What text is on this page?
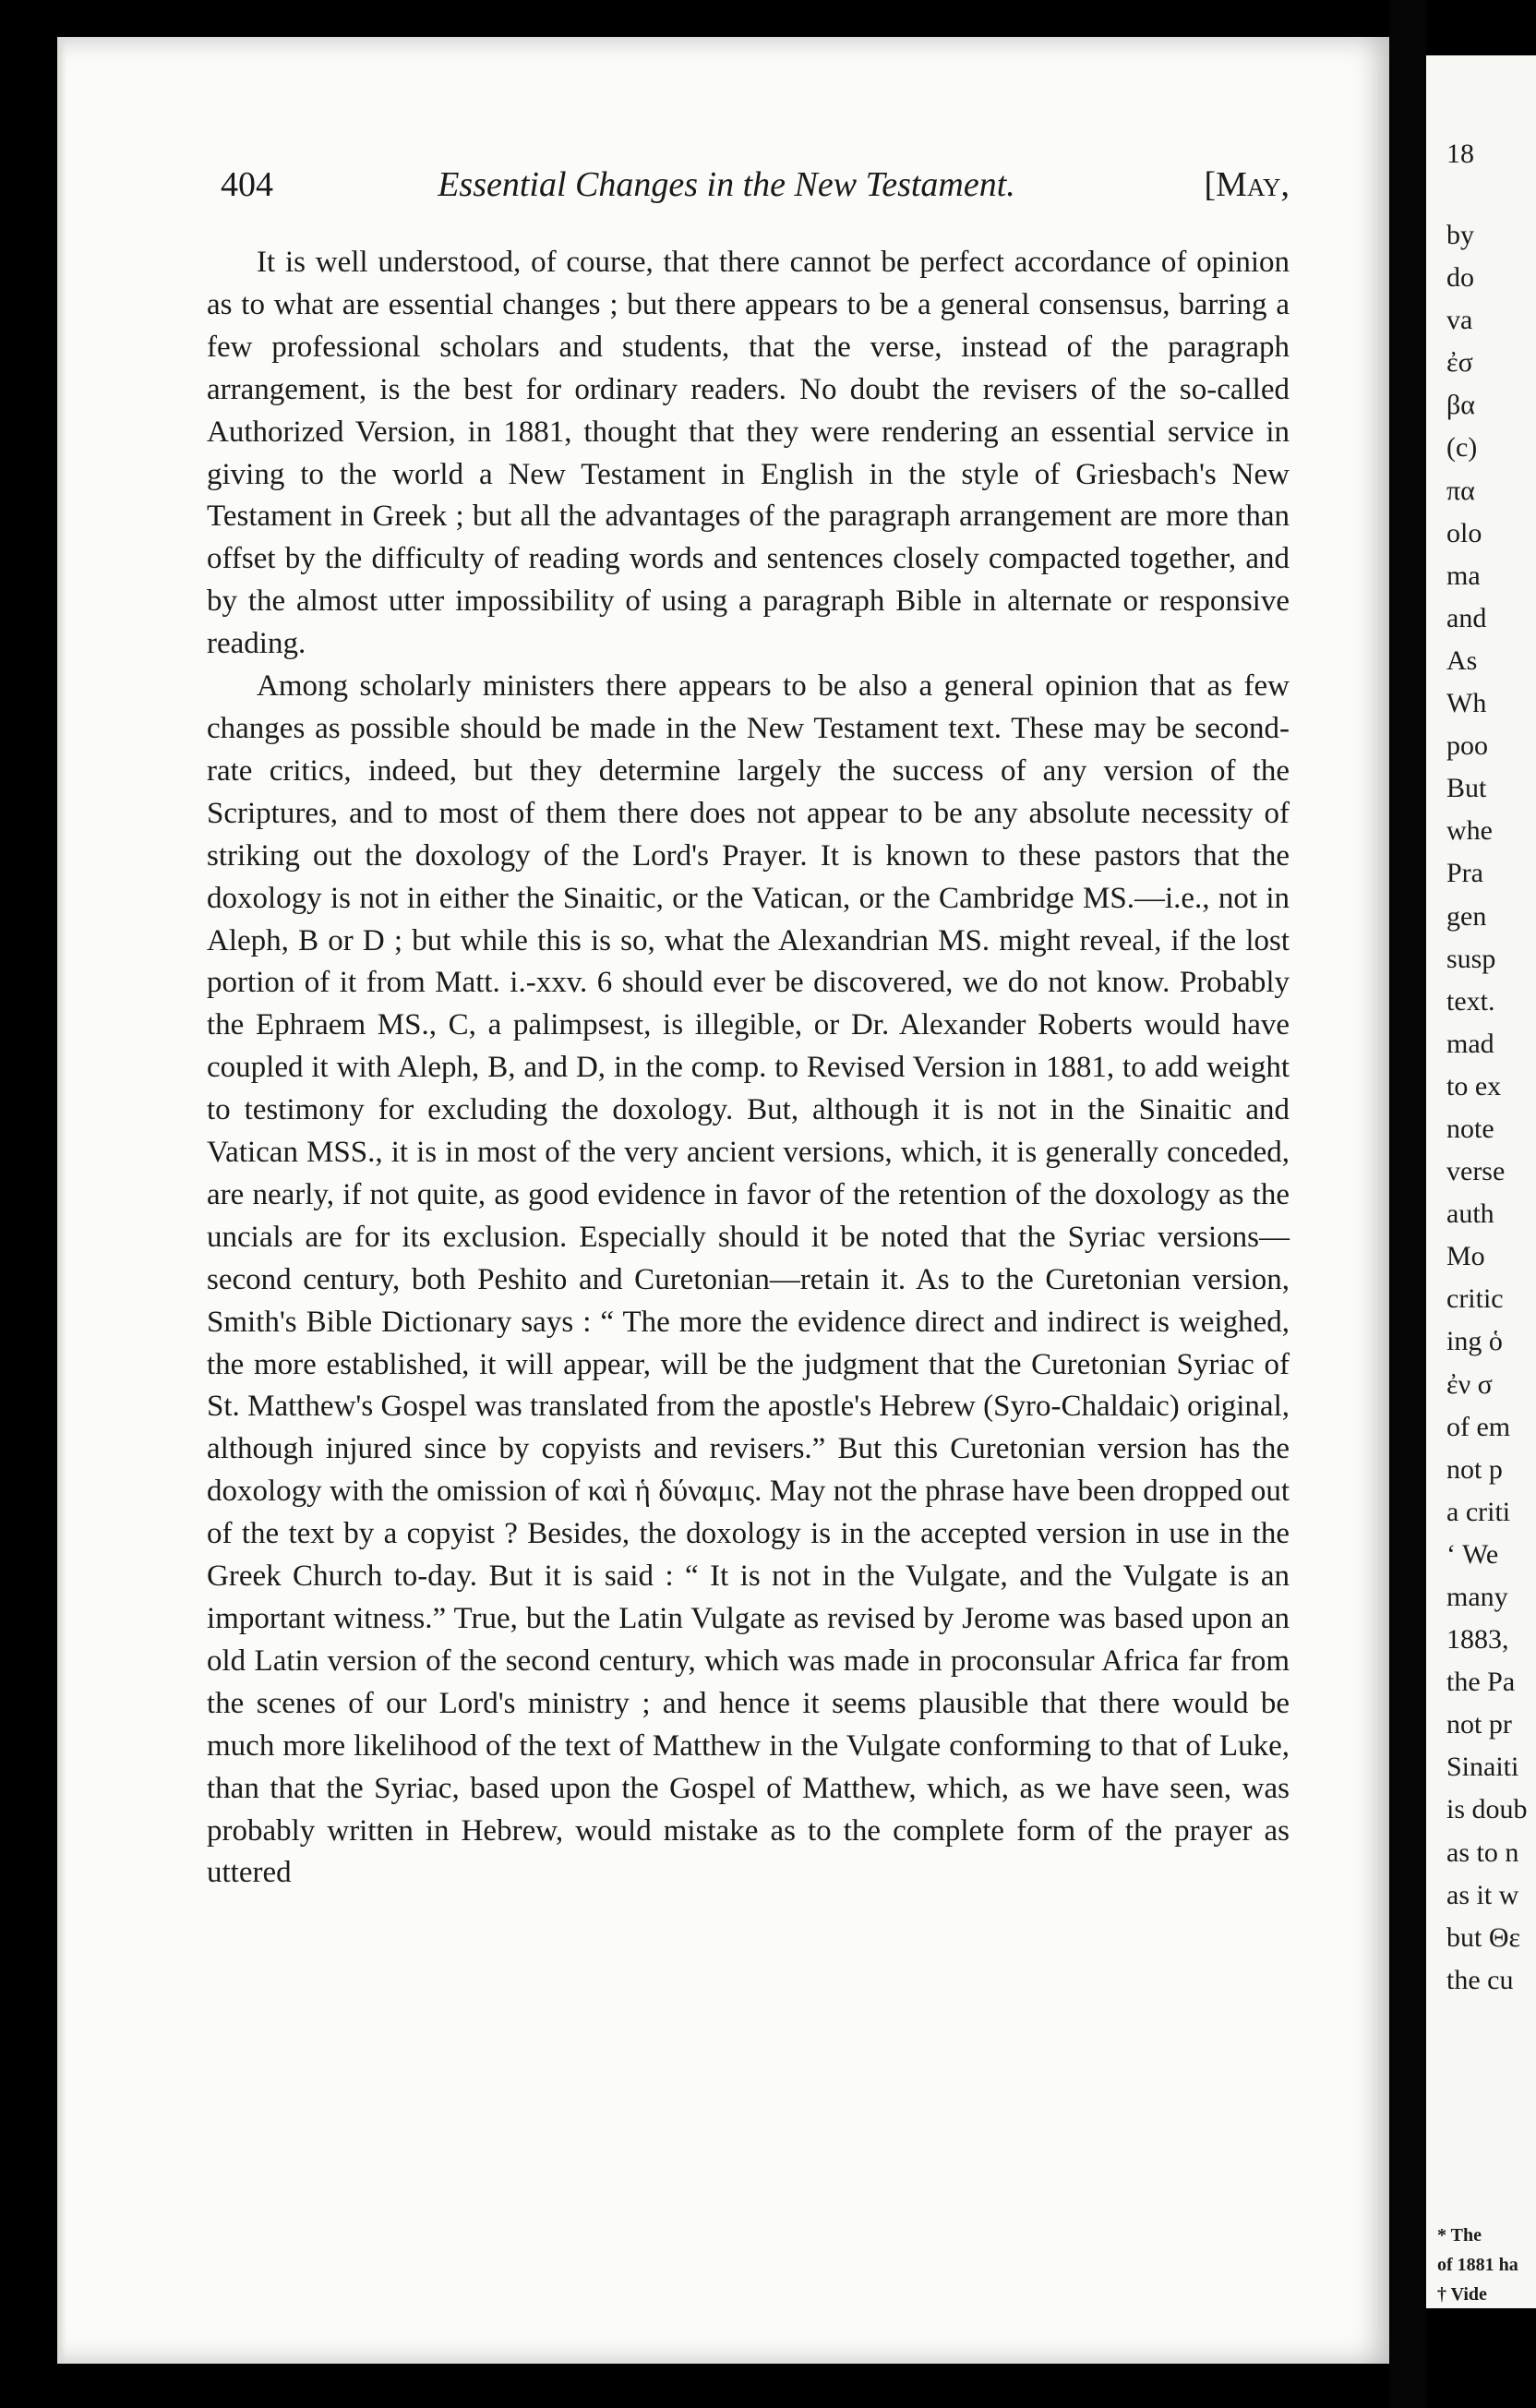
404	Essential Changes in the New Testament.	[May,

It is well understood, of course, that there cannot be perfect accordance of opinion as to what are essential changes ; but there appears to be a general consensus, barring a few professional scholars and students, that the verse, instead of the paragraph arrangement, is the best for ordinary readers. No doubt the revisers of the so-called Authorized Version, in 1881, thought that they were rendering an essential service in giving to the world a New Testament in English in the style of Griesbach's New Testament in Greek ; but all the advantages of the paragraph arrangement are more than offset by the difficulty of reading words and sentences closely compacted together, and by the almost utter impossibility of using a paragraph Bible in alternate or responsive reading.

Among scholarly ministers there appears to be also a general opinion that as few changes as possible should be made in the New Testament text. These may be second-rate critics, indeed, but they determine largely the success of any version of the Scriptures, and to most of them there does not appear to be any absolute necessity of striking out the doxology of the Lord's Prayer. It is known to these pastors that the doxology is not in either the Sinaitic, or the Vatican, or the Cambridge MS.—i.e., not in Aleph, B or D ; but while this is so, what the Alexandrian MS. might reveal, if the lost portion of it from Matt. i.-xxv. 6 should ever be discovered, we do not know. Probably the Ephraem MS., C, a palimpsest, is illegible, or Dr. Alexander Roberts would have coupled it with Aleph, B, and D, in the comp. to Revised Version in 1881, to add weight to testimony for excluding the doxology. But, although it is not in the Sinaitic and Vatican MSS., it is in most of the very ancient versions, which, it is generally conceded, are nearly, if not quite, as good evidence in favor of the retention of the doxology as the uncials are for its exclusion. Especially should it be noted that the Syriac versions—second century, both Peshito and Curetonian—retain it. As to the Curetonian version, Smith's Bible Dictionary says : “ The more the evidence direct and indirect is weighed, the more established, it will appear, will be the judgment that the Curetonian Syriac of St. Matthew's Gospel was translated from the apostle's Hebrew (Syro-Chaldaic) original, although injured since by copyists and revisers.” But this Curetonian version has the doxology with the omission of καὶ ἡ δύναμις. May not the phrase have been dropped out of the text by a copyist ? Besides, the doxology is in the accepted version in use in the Greek Church to-day. But it is said : “ It is not in the Vulgate, and the Vulgate is an important witness.” True, but the Latin Vulgate as revised by Jerome was based upon an old Latin version of the second century, which was made in proconsular Africa far from the scenes of our Lord's ministry ; and hence it seems plausible that there would be much more likelihood of the text of Matthew in the Vulgate conforming to that of Luke, than that the Syriac, based upon the Gospel of Matthew, which, as we have seen, was probably written in Hebrew, would mistake as to the complete form of the prayer as uttered

18
by
do
va
ἐσ
βα
(c)
πα
olo
ma
and
As
Wh
poo
But
whe
Pra
gen
susp
text.
mad
to ex
note
verse
auth
Mo
critic
ing ὁ
ἐν σ
of em
not p
a criti
‘ We
many
1883,
the Pa
not pr
Sinaiti
is doub
as to n
as it w
but Θε
the cu
* The
of 1881 ha
† Vide
